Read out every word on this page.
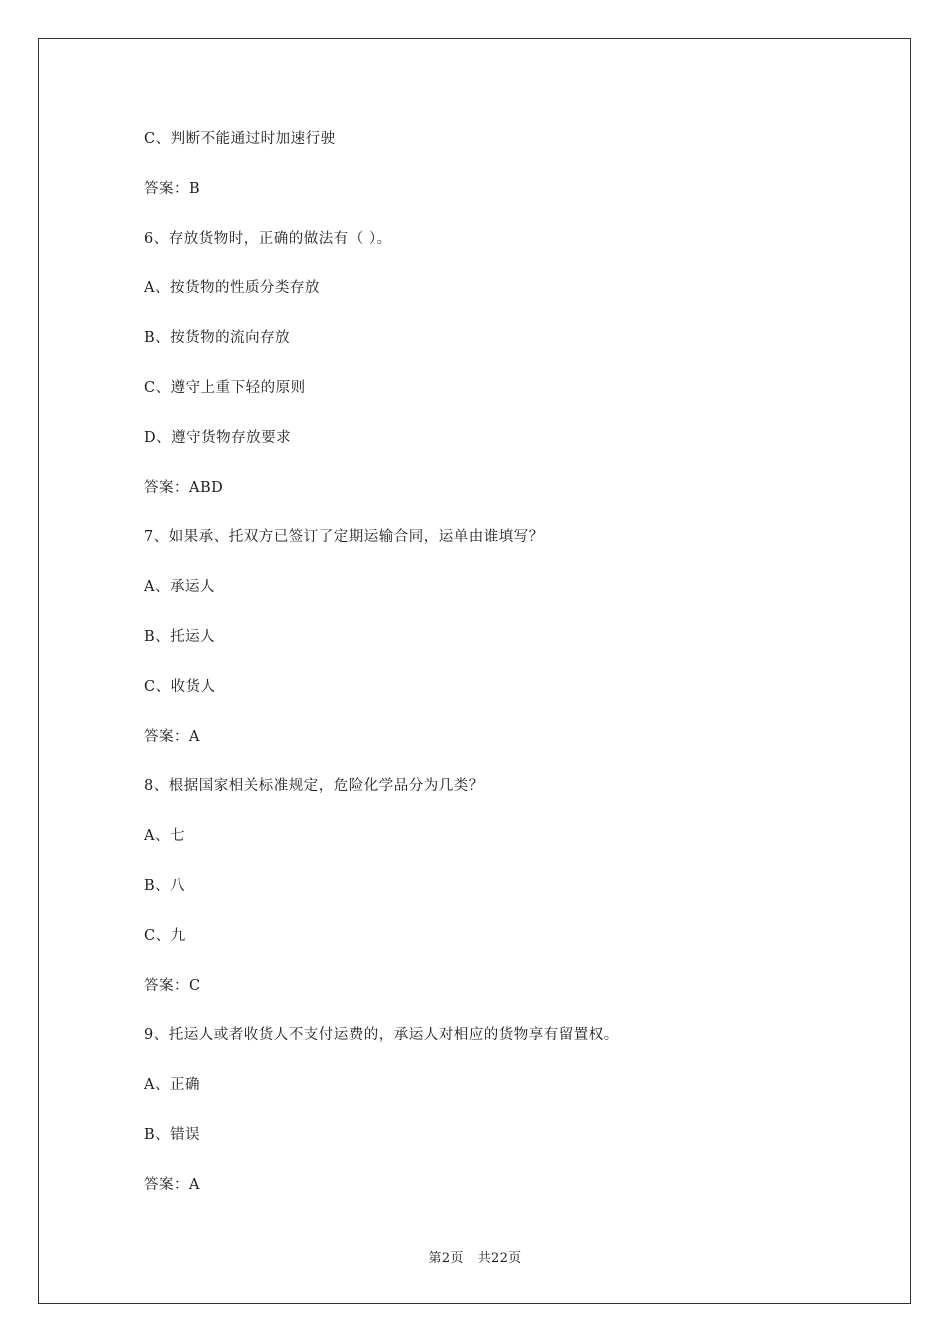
C、判断不能通过时加速行驶
答案：B
6、存放货物时，正确的做法有（ ）。
A、按货物的性质分类存放
B、按货物的流向存放
C、遵守上重下轻的原则
D、遵守货物存放要求
答案：ABD
7、如果承、托双方已签订了定期运输合同，运单由谁填写？
A、承运人
B、托运人
C、收货人
答案：A
8、根据国家相关标准规定，危险化学品分为几类？
A、七
B、八
C、九
答案：C
9、托运人或者收货人不支付运费的，承运人对相应的货物享有留置权。
A、正确
B、错误
答案：A
第2页 共22页
